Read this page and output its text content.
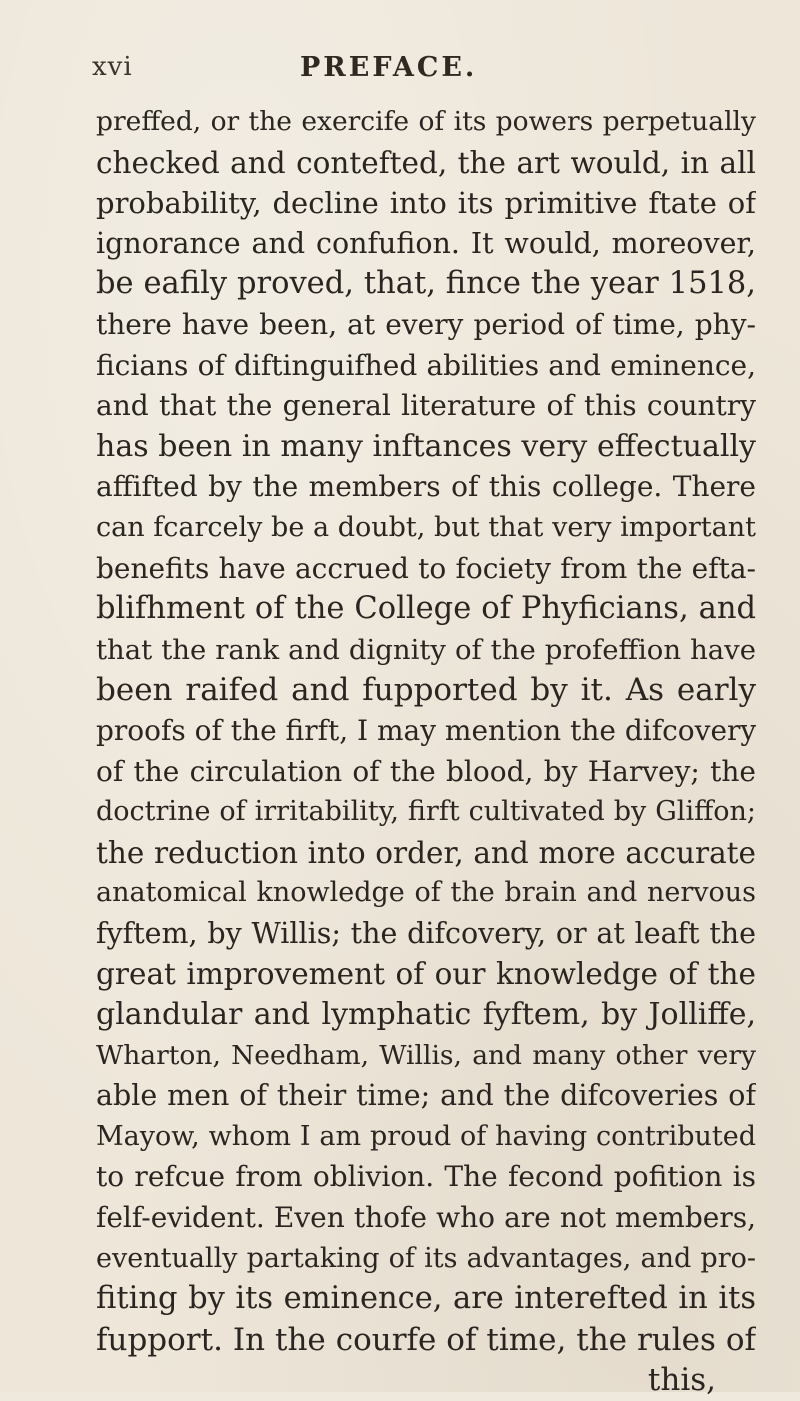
xvi	PREFACE.
preffed, or the exercife of its powers perpetually
checked and contefted, the art would, in all
probability, decline into its primitive ftate of
ignorance and confufion. It would, moreover,
be eafily proved, that, fince the year 1518,
there have been, at every period of time, phy-
ficians of diftinguifhed abilities and eminence,
and that the general literature of this country
has been in many inftances very effectually
affifted by the members of this college. There
can fcarcely be a doubt, but that very important
benefits have accrued to fociety from the efta-
blifhment of the College of Phyficians, and
that the rank and dignity of the profeffion have
been raifed and fupported by it. As early
proofs of the firft, I may mention the difcovery
of the circulation of the blood, by Harvey; the
doctrine of irritability, firft cultivated by Gliffon;
the reduction into order, and more accurate
anatomical knowledge of the brain and nervous
fyftem, by Willis; the difcovery, or at leaft the
great improvement of our knowledge of the
glandular and lymphatic fyftem, by Jolliffe,
Wharton, Needham, Willis, and many other very
able men of their time; and the difcoveries of
Mayow, whom I am proud of having contributed
to refcue from oblivion. The fecond pofition is
felf-evident. Even thofe who are not members,
eventually partaking of its advantages, and pro-
fiting by its eminence, are interefted in its
fupport. In the courfe of time, the rules of
this,
